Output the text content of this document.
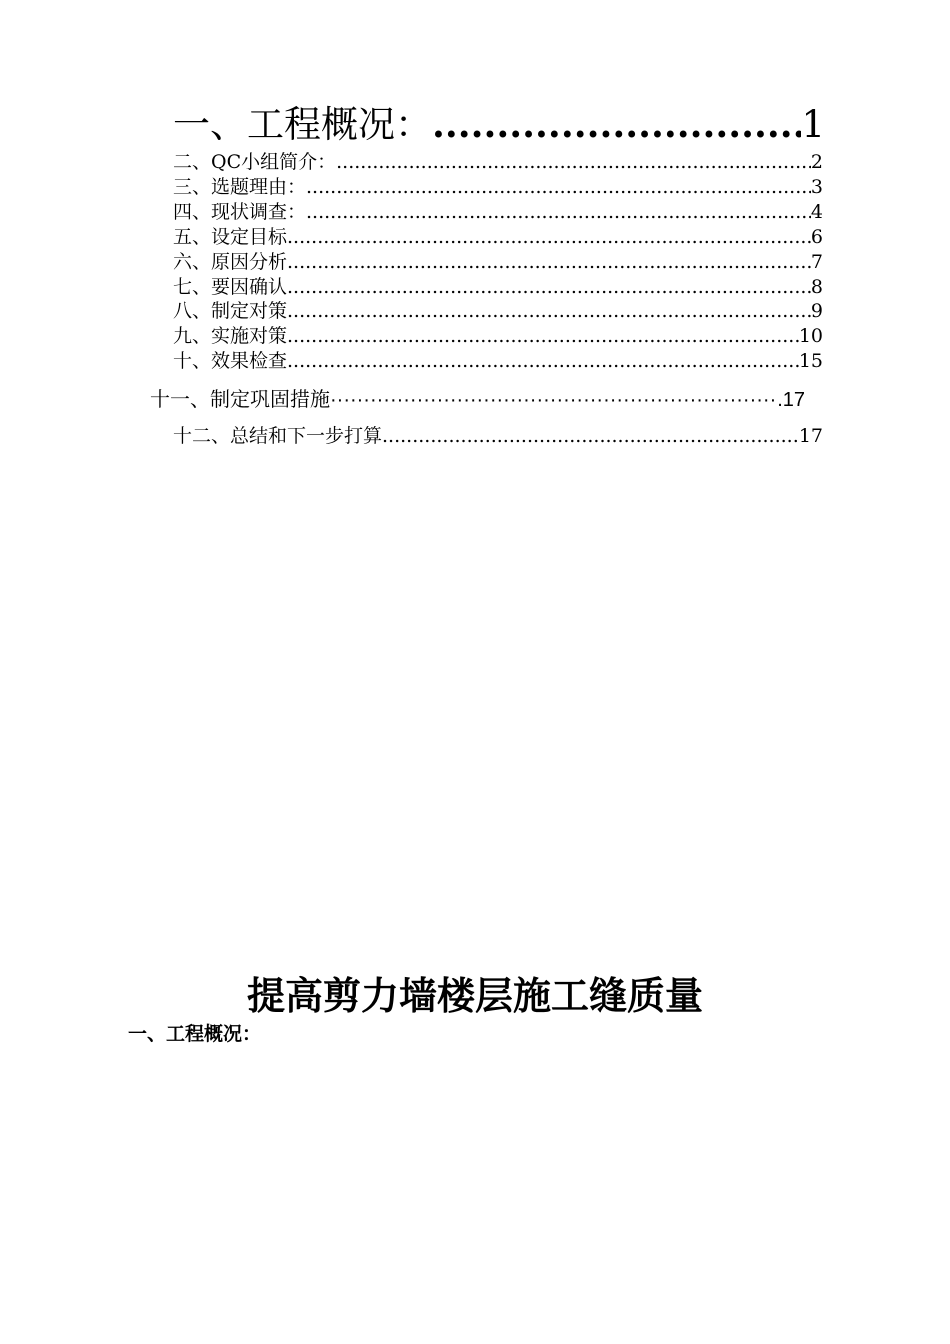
一、工程概况： .....	1
二、QC小组简介： .....	2
三、选题理由： .....	3
四、现状调查： .....	4
五、设定目标 .....	6
六、原因分析 .....	7
七、要因确认 .....	8
八、制定对策 .....	9
九、实施对策 .....	10
十、效果检查 .....	15
十一、制定巩固措施 ·····	.17
十二、总结和下一步打算 .....	17
提高剪力墙楼层施工缝质量
一、工程概况：
